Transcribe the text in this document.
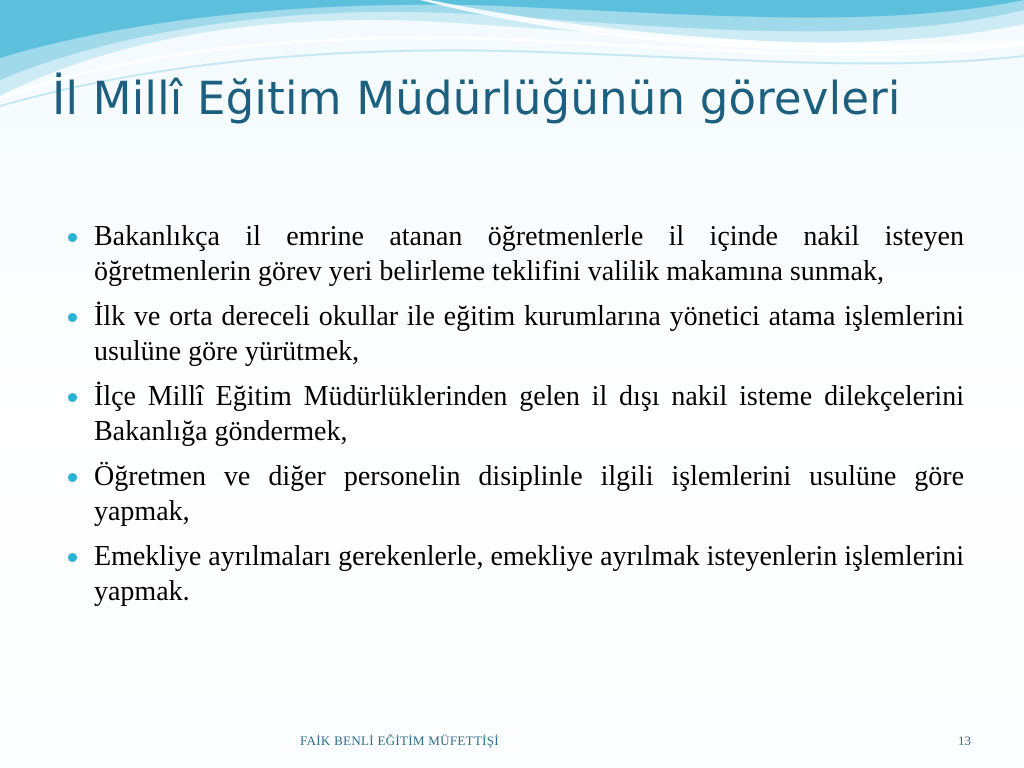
İl Millî Eğitim Müdürlüğünün görevleri
Bakanlıkça il emrine atanan öğretmenlerle il içinde nakil isteyen öğretmenlerin görev yeri belirleme teklifini valilik makamına sunmak,
İlk ve orta dereceli okullar ile eğitim kurumlarına yönetici atama işlemlerini usulüne göre yürütmek,
İlçe Millî Eğitim Müdürlüklerinden gelen il dışı nakil isteme dilekçelerini Bakanlığa göndermek,
Öğretmen ve diğer personelin disiplinle ilgili işlemlerini usulüne göre yapmak,
Emekliye ayrılmaları gerekenlerle, emekliye ayrılmak isteyenlerin işlemlerini yapmak.
FAİK BENLİ EĞİTİM MÜFETTİŞİ	13
